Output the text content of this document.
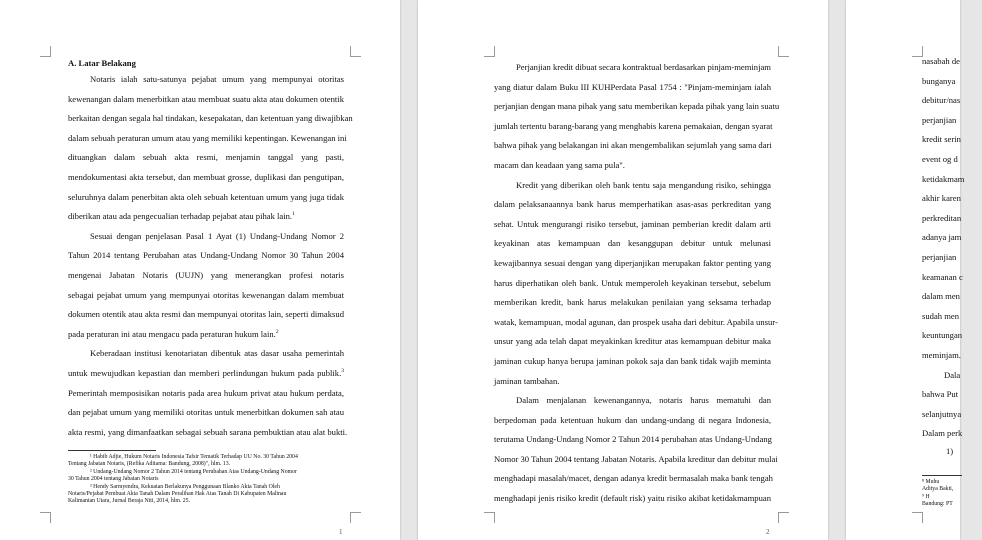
A. Latar Belakang
Notaris ialah satu-satunya pejabat umum yang mempunyai otoritas
kewenangan dalam menerbitkan atau membuat suatu akta atau dokumen otentik
berkaitan dengan segala hal tindakan, kesepakatan, dan ketentuan yang diwajibkan
dalam sebuah peraturan umum atau yang memiliki kepentingan. Kewenangan ini
dituangkan dalam sebuah akta resmi, menjamin tanggal yang pasti,
mendokumentasi akta tersebut, dan membuat grosse, duplikasi dan pengutipan,
seluruhnya dalam penerbitan akta oleh sebuah ketentuan umum yang juga tidak
diberikan atau ada pengecualian terhadap pejabat atau pihak lain.$^1$
Sesuai dengan penjelasan Pasal 1 Ayat (1) Undang-Undang Nomor 2
Tahun 2014 tentang Perubahan atas Undang-Undang Nomor 30 Tahun 2004
mengenai Jabatan Notaris (UUJN) yang menerangkan profesi notaris
sebagai pejabat umum yang mempunyai otoritas kewenangan dalam membuat
dokumen otentik atau akta resmi dan mempunyai otoritas lain, seperti dimaksud
pada peraturan ini atau mengacu pada peraturan hukum lain.$^2$
Keberadaan institusi kenotariatan dibentuk atas dasar usaha pemerintah
untuk mewujudkan kepastian dan memberi perlindungan hukum pada publik.$^3$
Pemerintah memposisikan notaris pada area hukum privat atau hukum perdata,
dan pejabat umum yang memiliki otoritas untuk menerbitkan dokumen sah atau
akta resmi, yang dimanfaatkan sebagai sebuah sarana pembuktian atau alat bukti.
¹ Habib Adjie, Hukum Notaris Indonesia Tafsir Tematik Terhadap UU No. 30 Tahun 2004
Tentang Jabatan Notaris, (Refika Aditama: Bandung, 2008)", hlm. 13.
² Undang-Undang Nomor 2 Tahun 2014 tentang Perubahan Atas Undang-Undang Nomor
30 Tahun 2004 tentang Jabatan Notaris
³ Hendy Sarmyendra, Kekuatan Berlakunya Penggunaan Blanko Akta Tanah Oleh
Notaris/Pejabat Pembuat Akta Tanah Dalam Peralihan Hak Atas Tanah Di Kabupaten Malinau
Kalimantan Utara, Jurnal Beraja Niti, 2014, hlm. 25.
1
Perjanjian kredit dibuat secara kontraktual berdasarkan pinjam-meminjam
yang diatur dalam Buku III KUHPerdata Pasal 1754 : "Pinjam-meminjam ialah
perjanjian dengan mana pihak yang satu memberikan kepada pihak yang lain suatu
jumlah tertentu barang-barang yang menghabis karena pemakaian, dengan syarat
bahwa pihak yang belakangan ini akan mengembalikan sejumlah yang sama dari
macam dan keadaan yang sama pula".
Kredit yang diberikan oleh bank tentu saja mengandung risiko, sehingga
dalam pelaksanaannya bank harus memperhatikan asas-asas perkreditan yang
sehat. Untuk mengurangi risiko tersebut, jaminan pemberian kredit dalam arti
keyakinan atas kemampuan dan kesanggupan debitur untuk melunasi
kewajibannya sesuai dengan yang diperjanjikan merupakan faktor penting yang
harus diperhatikan oleh bank. Untuk memperoleh keyakinan tersebut, sebelum
memberikan kredit, bank harus melakukan penilaian yang seksama terhadap
watak, kemampuan, modal agunan, dan prospek usaha dari debitur. Apabila unsur-
unsur yang ada telah dapat meyakinkan kreditur atas kemampuan debitur maka
jaminan cukup hanya berupa jaminan pokok saja dan bank tidak wajib meminta
jaminan tambahan.
Dalam menjalanan kewenangannya, notaris harus mematuhi dan
berpedoman pada ketentuan hukum dan undang-undang di negara Indonesia,
terutama Undang-Undang Nomor 2 Tahun 2014 perubahan atas Undang-Undang
Nomor 30 Tahun 2004 tentang Jabatan Notaris. Apabila kreditur dan debitur mulai
menghadapi masalah/macet, dengan adanya kredit bermasalah maka bank tengah
menghadapi jenis risiko kredit (default risk) yaitu risiko akibat ketidakmampuan
2
nasabah de
bunganya
debitur/nas
perjanjian
kredit serin
event og d
ketidakmam
akhir karen
perkreditan
adanya jam
perjanjian
keamanan c
dalam men
sudah men
keuntungan
meminjam.
Dala
bahwa Put
selanjutnya
Dalam perk
⁸ Muhu
Aditya Bakti,
⁹ H
Bandung: PT
1)
